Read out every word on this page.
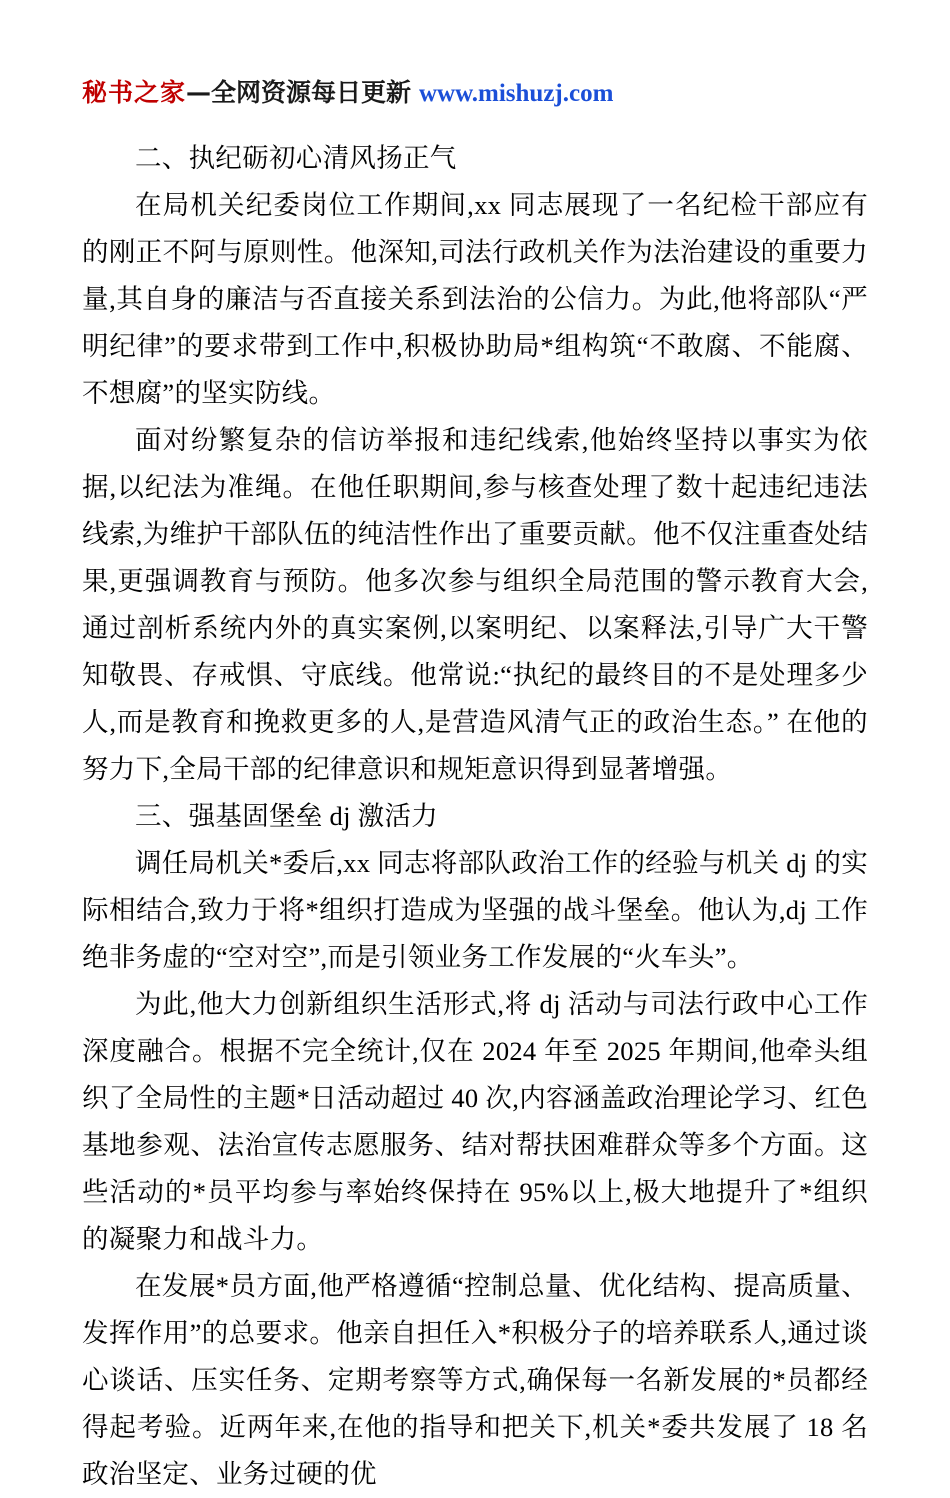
秘书之家—全网资源每日更新 www.mishuzj.com

二、执纪砺初心清风扬正气

在局机关纪委岗位工作期间,xx 同志展现了一名纪检干部应有的刚正不阿与原则性。他深知,司法行政机关作为法治建设的重要力量,其自身的廉洁与否直接关系到法治的公信力。为此,他将部队“严明纪律”的要求带到工作中,积极协助局*组构筑“不敢腐、不能腐、不想腐”的坚实防线。

面对纷繁复杂的信访举报和违纪线索,他始终坚持以事实为依据,以纪法为准绳。在他任职期间,参与核查处理了数十起违纪违法线索,为维护干部队伍的纯洁性作出了重要贡献。他不仅注重查处结果,更强调教育与预防。他多次参与组织全局范围的警示教育大会,通过剖析系统内外的真实案例,以案明纪、以案释法,引导广大干警知敬畏、存戒惧、守底线。他常说:“执纪的最终目的不是处理多少人,而是教育和挽救更多的人,是营造风清气正的政治生态。” 在他的努力下,全局干部的纪律意识和规矩意识得到显著增强。

三、强基固堡垒 dj 激活力

调任局机关*委后,xx 同志将部队政治工作的经验与机关 dj 的实际相结合,致力于将*组织打造成为坚强的战斗堡垒。他认为,dj 工作绝非务虚的“空对空”,而是引领业务工作发展的“火车头”。

为此,他大力创新组织生活形式,将 dj 活动与司法行政中心工作深度融合。根据不完全统计,仅在 2024 年至 2025 年期间,他牵头组织了全局性的主题*日活动超过 40 次,内容涵盖政治理论学习、红色基地参观、法治宣传志愿服务、结对帮扶困难群众等多个方面。这些活动的*员平均参与率始终保持在 95%以上,极大地提升了*组织的凝聚力和战斗力。

在发展*员方面,他严格遵循“控制总量、优化结构、提高质量、发挥作用”的总要求。他亲自担任入*积极分子的培养联系人,通过谈心谈话、压实任务、定期考察等方式,确保每一名新发展的*员都经得起考验。近两年来,在他的指导和把关下,机关*委共发展了 18 名政治坚定、业务过硬的优
